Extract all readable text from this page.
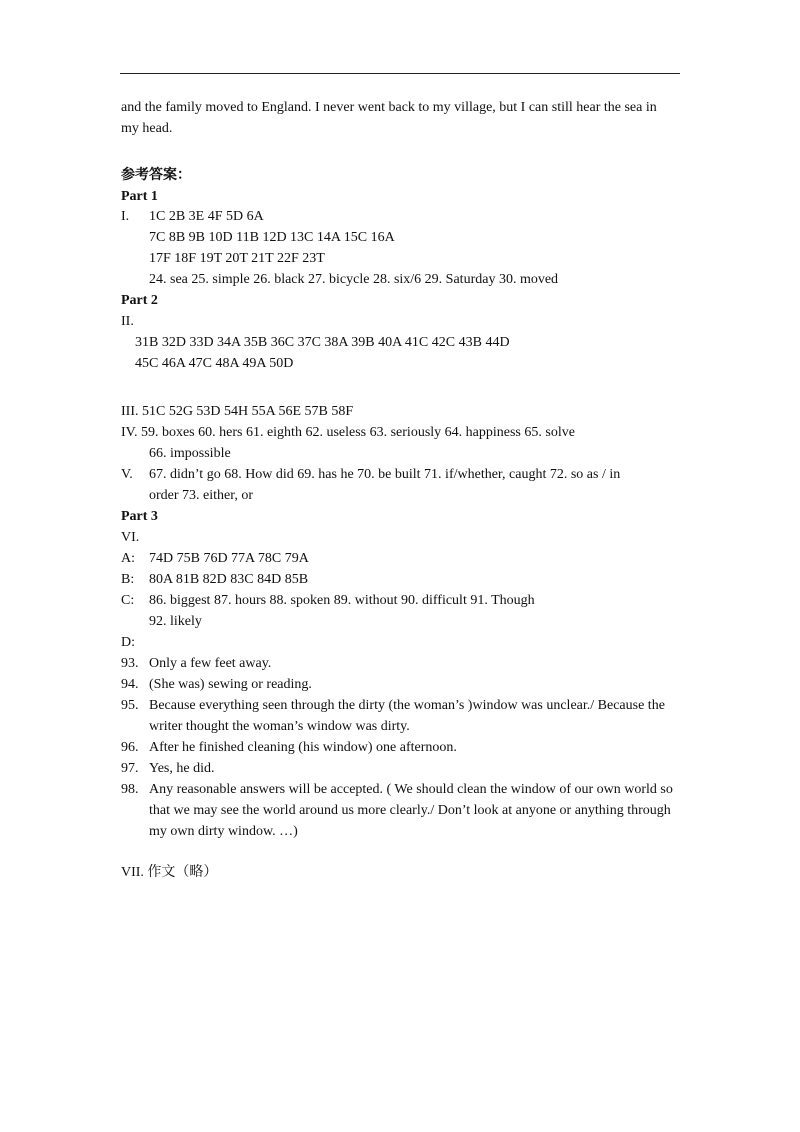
and the family moved to England. I never went back to my village, but I can still hear the sea in
my head.
参考答案：
Part 1
I. 1C 2B 3E 4F 5D 6A
7C 8B 9B 10D 11B 12D 13C 14A 15C 16A
17F 18F 19T 20T 21T 22F 23T
24. sea 25. simple 26. black 27. bicycle 28. six/6 29. Saturday 30. moved
Part 2
II.
31B 32D 33D 34A 35B 36C 37C 38A 39B 40A 41C 42C 43B 44D
45C 46A 47C 48A 49A 50D
III. 51C 52G 53D 54H 55A 56E 57B 58F
IV. 59. boxes 60. hers 61. eighth 62. useless 63. seriously 64. happiness 65. solve
66. impossible
V. 67. didn’t go 68. How did 69. has he 70. be built 71. if/whether, caught 72. so as / in
order 73. either, or
Part 3
VI.
A: 74D 75B 76D 77A 78C 79A
B: 80A 81B 82D 83C 84D 85B
C: 86. biggest 87. hours 88. spoken 89. without 90. difficult 91. Though
92. likely
D:
93. Only a few feet away.
94. (She was) sewing or reading.
95. Because everything seen through the dirty (the woman’s )window was unclear./ Because the
writer thought the woman’s window was dirty.
96. After he finished cleaning (his window) one afternoon.
97. Yes, he did.
98. Any reasonable answers will be accepted. ( We should clean the window of our own world so
that we may see the world around us more clearly./ Don’t look at anyone or anything through
my own dirty window. …)
VII. 作文（略）
